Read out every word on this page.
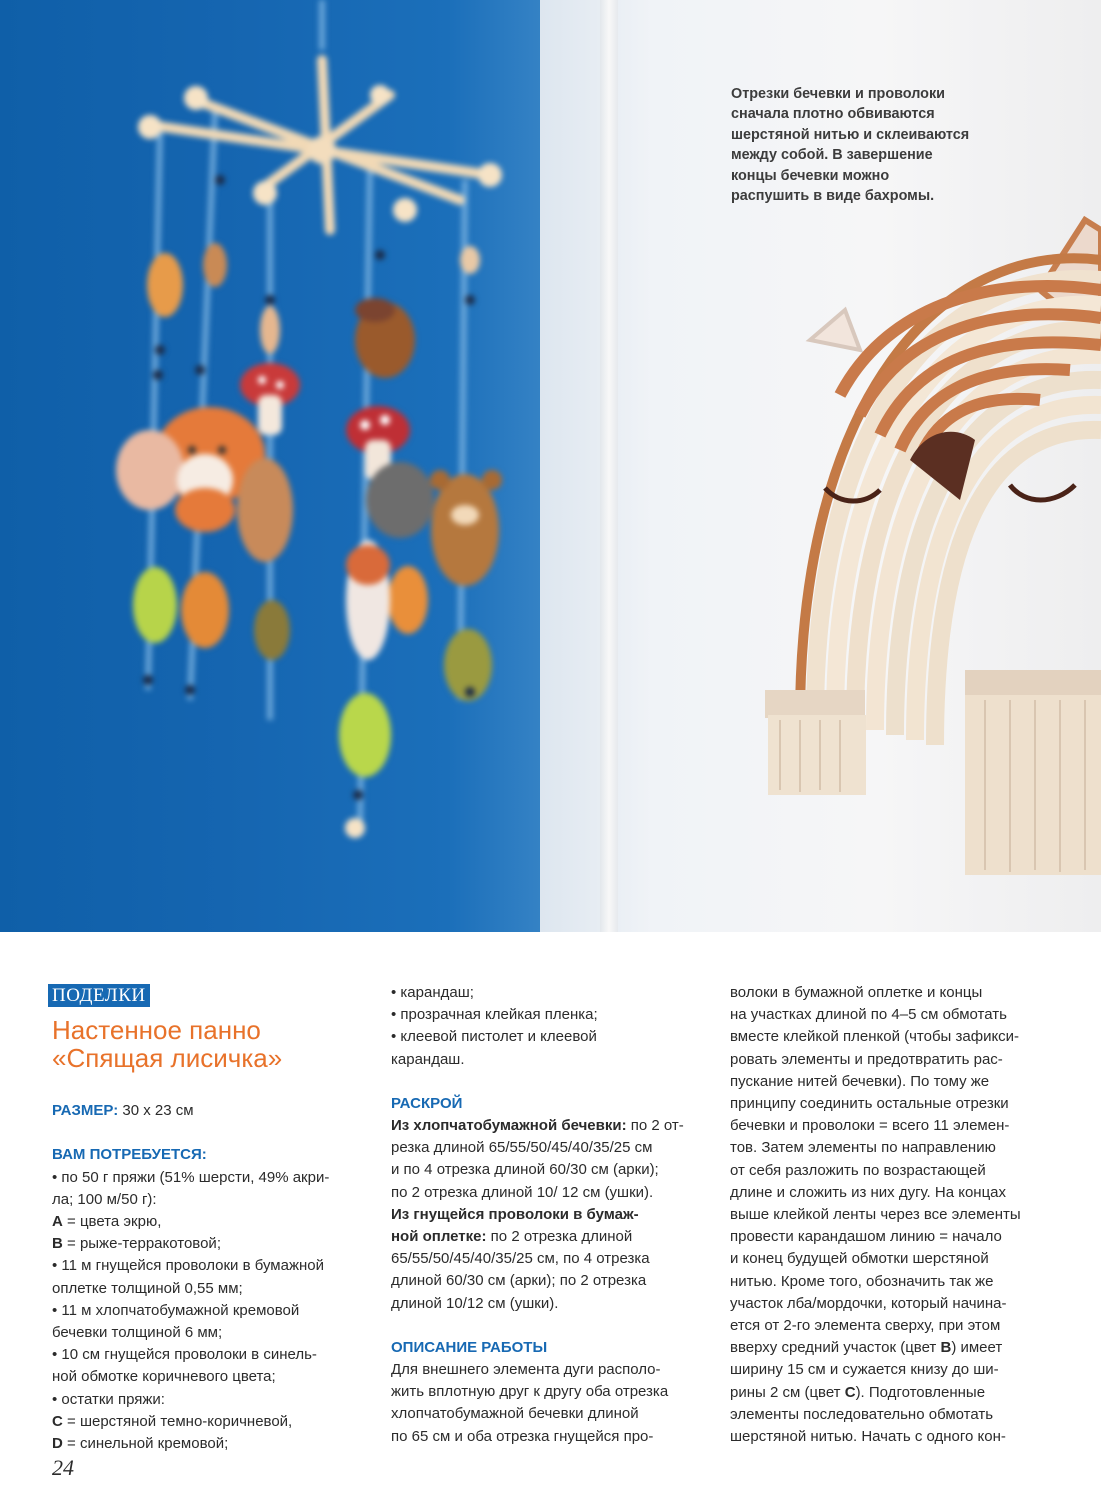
Отрезки бечевки и проволоки
сначала плотно обвиваются
шерстяной нитью и склеиваются
между собой. В завершение
концы бечевки можно
распушить в виде бахромы.
ПОДЕЛКИ
Настенное панно
«Спящая лисичка»
РАЗМЕР: 30 х 23 см
ВАМ ПОТРЕБУЕТСЯ:
• по 50 г пряжи (51% шерсти, 49% акри-
ла; 100 м/50 г):
A = цвета экрю,
B = рыже-терракотовой;
• 11 м гнущейся проволоки в бумажной
оплетке толщиной 0,55 мм;
• 11 м хлопчатобумажной кремовой
бечевки толщиной 6 мм;
• 10 см гнущейся проволоки в синель-
ной обмотке коричневого цвета;
• остатки пряжи:
C = шерстяной темно-коричневой,
D = синельной кремовой;
• карандаш;
• прозрачная клейкая пленка;
• клеевой пистолет и клеевой
карандаш.
РАСКРОЙ
Из хлопчатобумажной бечевки: по 2 от-
резка длиной 65/55/50/45/40/35/25 см
и по 4 отрезка длиной 60/30 см (арки);
по 2 отрезка длиной 10/ 12 см (ушки).
Из гнущейся проволоки в бумаж-
ной оплетке: по 2 отрезка длиной
65/55/50/45/40/35/25 см, по 4 отрезка
длиной 60/30 см (арки); по 2 отрезка
длиной 10/12 см (ушки).
ОПИСАНИЕ РАБОТЫ
Для внешнего элемента дуги располо-
жить вплотную друг к другу оба отрезка
хлопчатобумажной бечевки длиной
по 65 см и оба отрезка гнущейся про-
волоки в бумажной оплетке и концы
на участках длиной по 4–5 см обмотать
вместе клейкой пленкой (чтобы зафикси-
ровать элементы и предотвратить рас-
пускание нитей бечевки). По тому же
принципу соединить остальные отрезки
бечевки и проволоки = всего 11 элемен-
тов. Затем элементы по направлению
от себя разложить по возрастающей
длине и сложить из них дугу. На концах
выше клейкой ленты через все элементы
провести карандашом линию = начало
и конец будущей обмотки шерстяной
нитью. Кроме того, обозначить так же
участок лба/мордочки, который начина-
ется от 2-го элемента сверху, при этом
вверху средний участок (цвет B) имеет
ширину 15 см и сужается книзу до ши-
рины 2 см (цвет C). Подготовленные
элементы последовательно обмотать
шерстяной нитью. Начать с одного кон-
24
